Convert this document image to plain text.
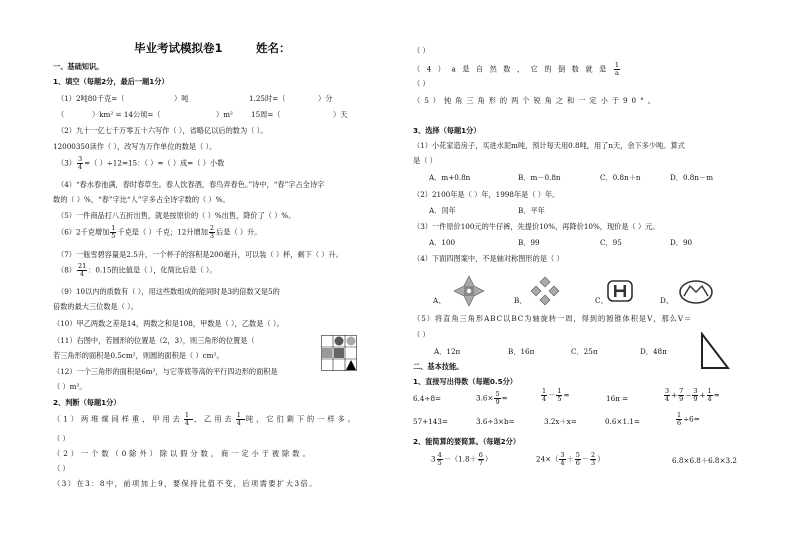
毕业考试模拟卷1	姓名：
一、基础知识。
1、填空（每题2分，最后一题1分）
（1）2吨80千克=（	）吨	1.25时=（	）分
（	）km² = 14公顷=（	）m²	15周=（	）天
（2）九十一亿七千万零五十六写作（ ），省略亿以后的数为（ ）。
12000350读作（ ），改写为万作单位的数是（ ）。
$(3) \frac{3}{4}$ =（ ）÷12=15：（ ）=（ ）成=（ ）小数
（4）“春水春池满，春时春草生。春人饮春酒，春鸟弄春色。”诗中，“春”字占全诗字
数的（ ）%，“春”字比“人”字多占全诗字数的（ ）%。
（5）一件商品打八五折出售，就是按原价的（ ）%出售，降价了（ ）%。
（6）2千克增加 $\frac{1}{5}$ 千克是（ ）千克；12升增加 $\frac{2}{3}$ 后是（ ）升。
（7）一瓶雪碧容量是2.5升，一个杯子的容积是200毫升，可以装（ ）杯，剩下（ ）升。
$(8) \frac{21}{4}$ ：0.15的比值是（ ），化简比后是（ ）。
（9）10以内的质数有（ ），用这些数组成的能同时是3的倍数又是5的
倍数的最大三位数是（ ）。
（10）甲乙两数之差是14，两数之和是108，甲数是（ ），乙数是（ ）。
（11）右图中，若圆形的位置是（2，3），则三角形的位置是（
若三角形的面积是0.5cm²，则圆的面积是（ ）cm²。
（12）一个三角形的面积是6m²，与它等底等高的平行四边形的面积是
（ ）m²。
2、判断（每题1分）
（1）两堆煤同样重，甲用去 $\frac{1}{4}$ ，乙用去 $\frac{1}{4}$ 吨，它们剩下的一样多。
（ ）
（2）一个数（0除外）除以假分数，商一定小于被除数。
（ ）
（3）在3：8中，前项加上9，要保持比值不变，后项需要扩大3倍。
（ ）
（4）a是自然数，它的倒数就是 $\frac{1}{a}$
（ ）
（5）钝角三角形的两个锐角之和一定小于90°。
3、选择（每题1分）
（1）小花家造房子，买进水泥m吨，预计每天用0.8吨，用了n天，余下多少吨。算式
是（ ）
A．m+0.8n	B．m－0.8n	C．0.8n＋n	D．0.8n－m
（2）2100年是（ ）年，1998年是（ ）年。
A．闰年	B．平年
（3）一件原价100元的牛仔裤，先提价10%，再降价10%，现价是（ ）元。
A．100	B．99	C．95	D．90
（4）下面四图案中，不是轴对称图形的是（ ）
A、	B、	C、	D、
（5）将直角三角形ABC以BC为轴旋转一周，得到的圆锥体积是V，那么V＝
（ ）
A．12π	B．16π	C．25π	D．48π
二、基本技能。
1、直接写出得数（每题0.5分）
6.4÷8=	$3.6\times \frac{5}{9}$ =	$\frac{1}{4} - \frac{1}{5}$ =	16π =	$\frac{3}{4} + \frac{7}{9} - \frac{3}{9} + \frac{1}{4}$ =
57+143=	3.6÷3×b=	3.2x＋x=	0.6×1.1=	$\frac{1}{6} \div 6=$
2、能简算的要简算。（每题2分）
$3 \frac{4}{5} -(1.8+ \frac{6}{7}$ ）	$24\times( \frac{3}{4} + \frac{5}{6} - \frac{2}{3}$ ）	6.8×6.8＋6.8×3.2
